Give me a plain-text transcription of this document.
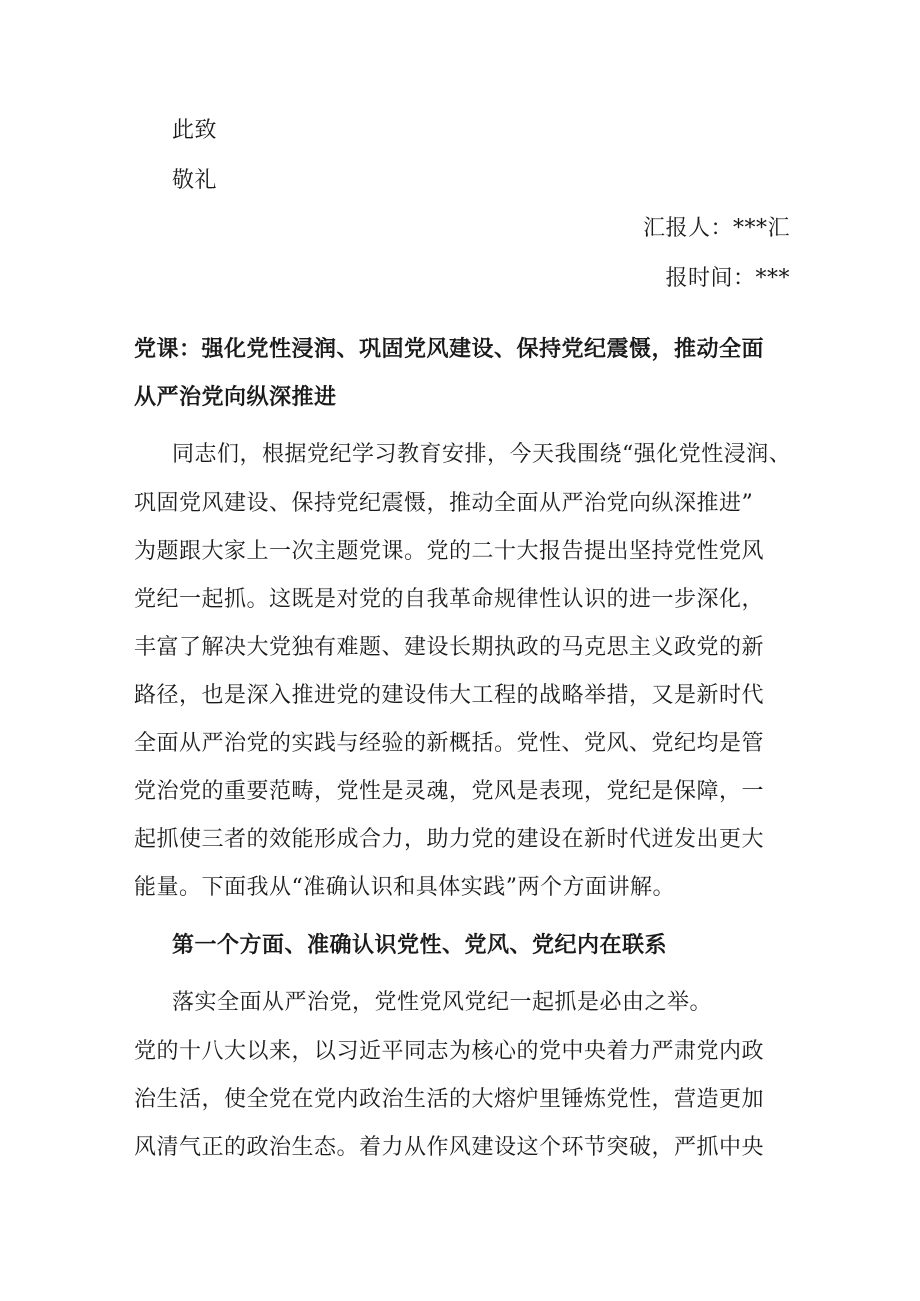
此致
敬礼
汇报人：***汇
报时间：***
党课：强化党性浸润、巩固党风建设、保持党纪震慑，推动全面
从严治党向纵深推进
同志们，根据党纪学习教育安排，今天我围绕“强化党性浸润、
巩固党风建设、保持党纪震慑，推动全面从严治党向纵深推进”
为题跟大家上一次主题党课。党的二十大报告提出坚持党性党风
党纪一起抓。这既是对党的自我革命规律性认识的进一步深化，
丰富了解决大党独有难题、建设长期执政的马克思主义政党的新
路径，也是深入推进党的建设伟大工程的战略举措，又是新时代
全面从严治党的实践与经验的新概括。党性、党风、党纪均是管
党治党的重要范畴，党性是灵魂，党风是表现，党纪是保障，一
起抓使三者的效能形成合力，助力党的建设在新时代迸发出更大
能量。下面我从“准确认识和具体实践”两个方面讲解。
第一个方面、准确认识党性、党风、党纪内在联系
落实全面从严治党，党性党风党纪一起抓是必由之举。
党的十八大以来，以习近平同志为核心的党中央着力严肃党内政
治生活，使全党在党内政治生活的大熔炉里锤炼党性，营造更加
风清气正的政治生态。着力从作风建设这个环节突破，严抓中央
